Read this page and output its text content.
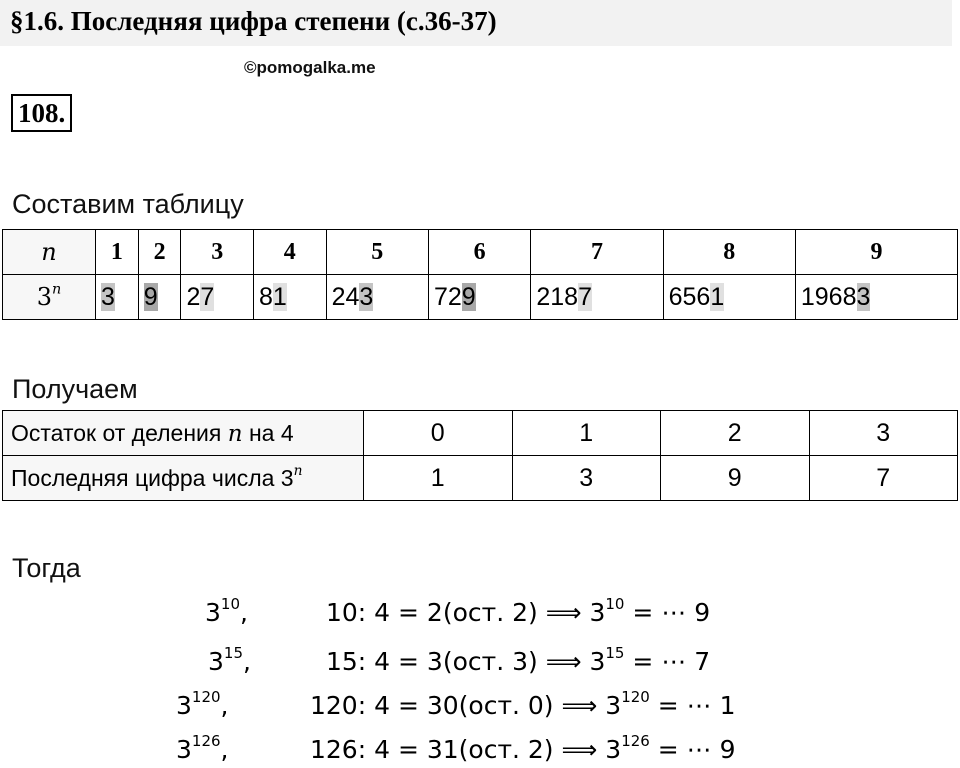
§1.6. Последняя цифра степени (с.36-37)
©pomogalka.me
108.
Составим таблицу
n	1	2	3	4	5	6	7	8	9
3$^n$	3	9	27	81	243	729	2187	6561	19683
Получаем
Остаток от деления n на 4	0	1	2	3
Последняя цифра числа 3$^n$	1	3	9	7
Тогда
$3^{10}$,	10: 4 = 2(ост. 2) ⟹ $3^{10}$ = ⋯ 9
$3^{15}$,	15: 4 = 3(ост. 3) ⟹ $3^{15}$ = ⋯ 7
$3^{120}$,	120: 4 = 30(ост. 0) ⟹ $3^{120}$ = ⋯ 1
$3^{126}$,	126: 4 = 31(ост. 2) ⟹ $3^{126}$ = ⋯ 9
